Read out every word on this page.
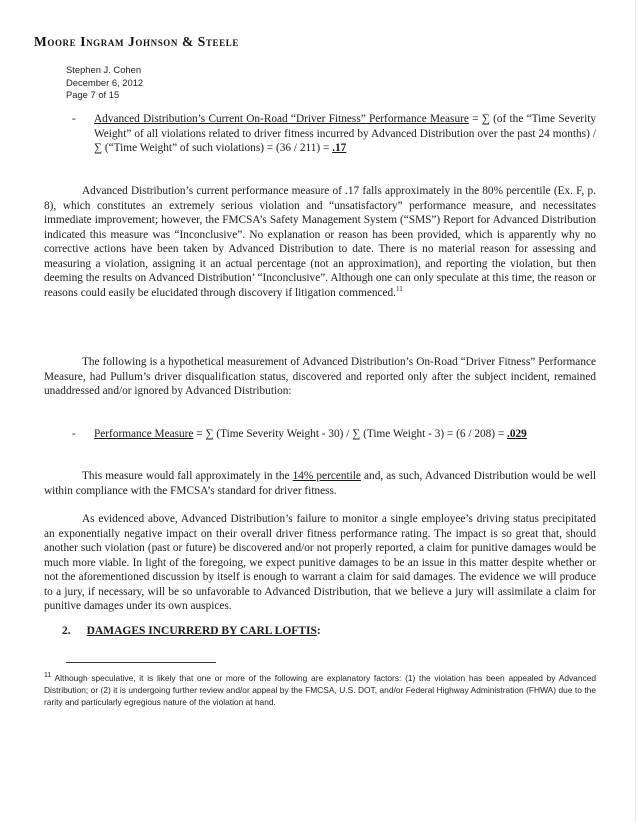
Moore Ingram Johnson & Steele
Stephen J. Cohen
December 6, 2012
Page 7 of 15
- Advanced Distribution’s Current On-Road “Driver Fitness” Performance Measure = ∑ (of the “Time Severity Weight” of all violations related to driver fitness incurred by Advanced Distribution over the past 24 months) / ∑ (“Time Weight” of such violations) = (36 / 211) = .17
Advanced Distribution’s current performance measure of .17 falls approximately in the 80% percentile (Ex. F, p. 8), which constitutes an extremely serious violation and “unsatisfactory” performance measure, and necessitates immediate improvement; however, the FMCSA’s Safety Management System (“SMS”) Report for Advanced Distribution indicated this measure was “Inconclusive”. No explanation or reason has been provided, which is apparently why no corrective actions have been taken by Advanced Distribution to date. There is no material reason for assessing and measuring a violation, assigning it an actual percentage (not an approximation), and reporting the violation, but then deeming the results on Advanced Distribution’ “Inconclusive”. Although one can only speculate at this time, the reason or reasons could easily be elucidated through discovery if litigation commenced.$^{11}$
The following is a hypothetical measurement of Advanced Distribution’s On-Road “Driver Fitness” Performance Measure, had Pullum’s driver disqualification status, discovered and reported only after the subject incident, remained unaddressed and/or ignored by Advanced Distribution:
- Performance Measure = ∑ (Time Severity Weight - 30) / ∑ (Time Weight - 3) = (6 / 208) = .029
This measure would fall approximately in the 14% percentile and, as such, Advanced Distribution would be well within compliance with the FMCSA’s standard for driver fitness.
As evidenced above, Advanced Distribution’s failure to monitor a single employee’s driving status precipitated an exponentially negative impact on their overall driver fitness performance rating. The impact is so great that, should another such violation (past or future) be discovered and/or not properly reported, a claim for punitive damages would be much more viable. In light of the foregoing, we expect punitive damages to be an issue in this matter despite whether or not the aforementioned discussion by itself is enough to warrant a claim for said damages. The evidence we will produce to a jury, if necessary, will be so unfavorable to Advanced Distribution, that we believe a jury will assimilate a claim for punitive damages under its own auspices.
2. DAMAGES INCURRERD BY CARL LOFTIS:
$^{11}$ Although speculative, it is likely that one or more of the following are explanatory factors: (1) the violation has been appealed by Advanced Distribution; or (2) it is undergoing further review and/or appeal by the FMCSA, U.S. DOT, and/or Federal Highway Administration (FHWA) due to the rarity and particularly egregious nature of the violation at hand.
